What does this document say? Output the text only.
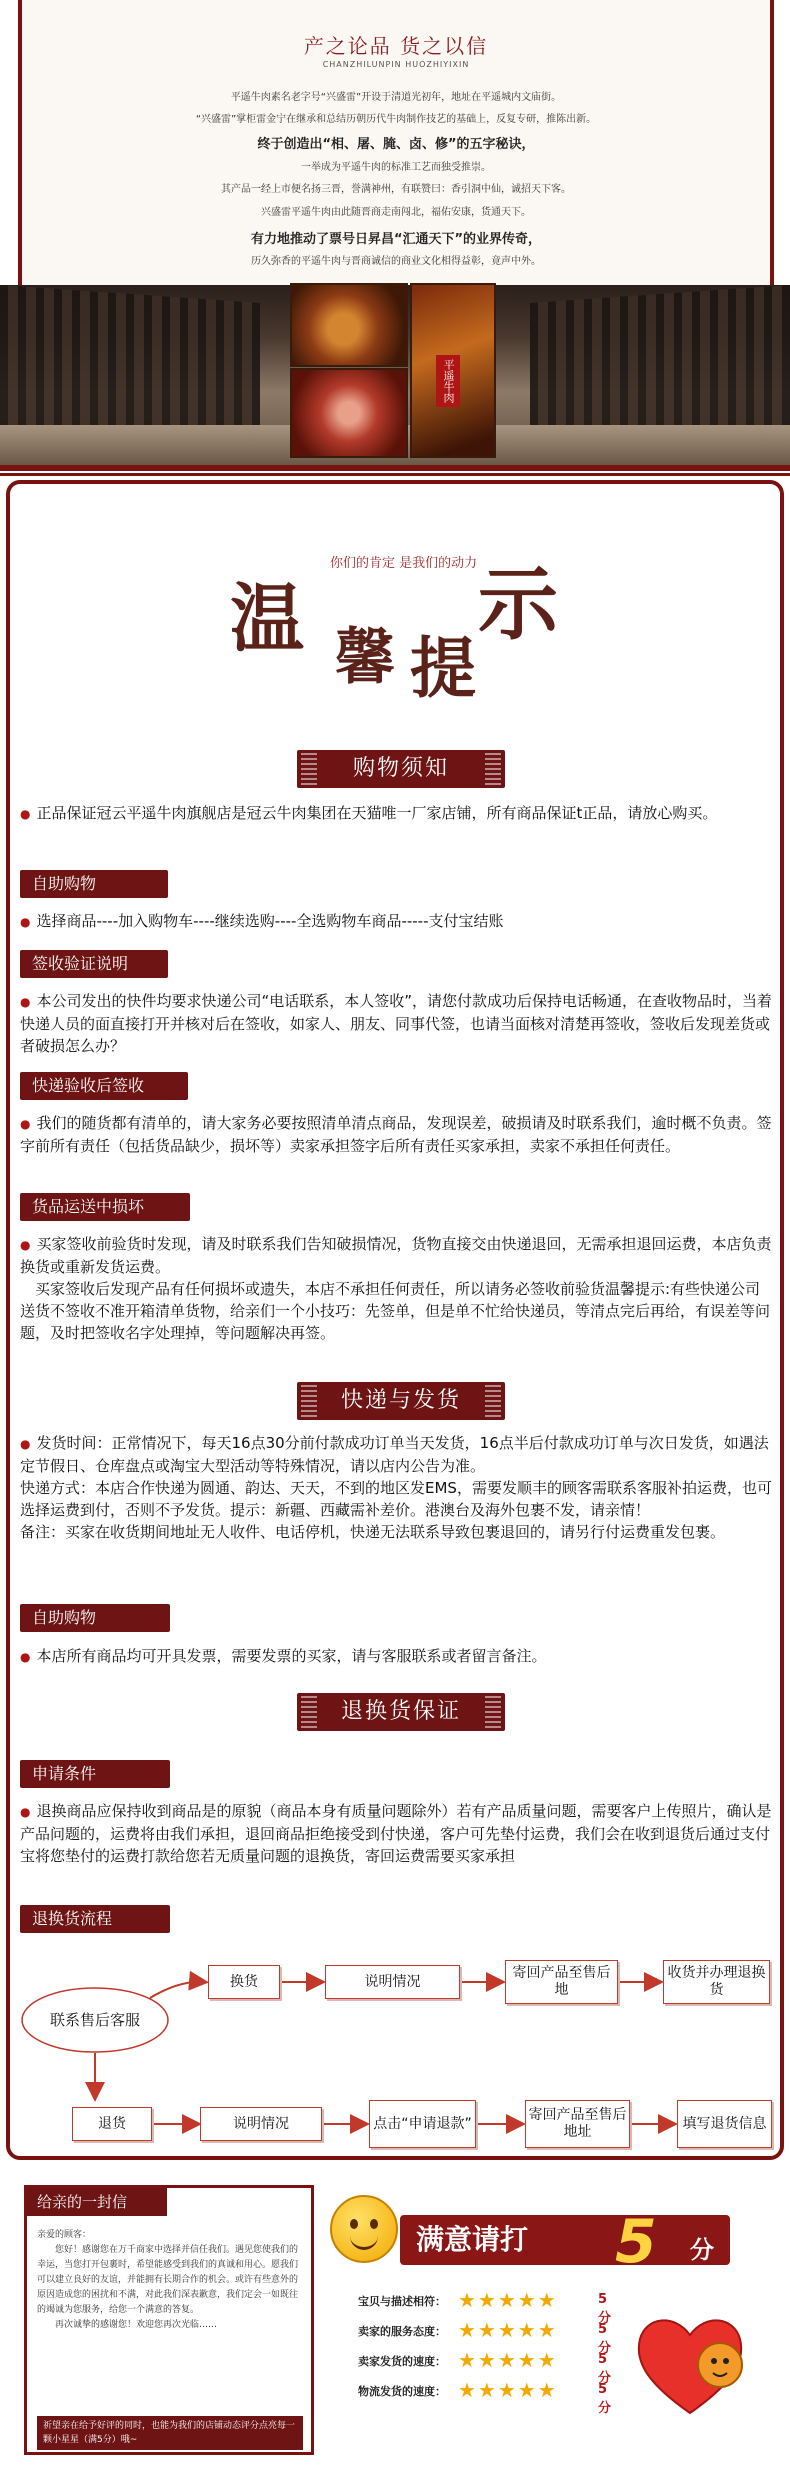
产之论品 货之以信
CHANZHILUNPIN HUOZHIYIXIN
平遥牛肉素名老字号“兴盛雷”开设于清道光初年，地址在平遥城内文庙街。
“兴盛雷”掌柜雷金宁在继承和总结历朝历代牛肉制作技艺的基础上，反复专研，推陈出新。
终于创造出“相、屠、腌、卤、修”的五字秘诀，
一举成为平遥牛肉的标准工艺而独受推崇。
其产品一经上市便名扬三晋，誉满神州，有联赞曰：香引洞中仙，诚招天下客。
兴盛雷平遥牛肉由此随晋商走南闯北，福佑安康，货通天下。
有力地推动了票号日昇昌“汇通天下”的业界传奇，
历久弥香的平遥牛肉与晋商诚信的商业文化相得益彰，竟声中外。
平遥牛肉
温 馨 提
示
你们的肯定 是我们的动力
购物须知

● 正品保证冠云平遥牛肉旗舰店是冠云牛肉集团在天猫唯一厂家店铺，所有商品保证t正品，请放心购买。

自助购物

● 选择商品----加入购物车----继续选购----全选购物车商品-----支付宝结账

签收验证说明

● 本公司发出的快件均要求快递公司“电话联系，本人签收”，请您付款成功后保持电话畅通，在查收物品时，当着快递人员的面直接打开并核对后在签收，如家人、朋友、同事代签，也请当面核对清楚再签收，签收后发现差货或者破损怎么办？

快递验收后签收

● 我们的随货都有清单的，请大家务必要按照清单清点商品，发现误差，破损请及时联系我们，逾时概不负责。签字前所有责任（包括货品缺少，损坏等）卖家承担签字后所有责任买家承担，卖家不承担任何责任。

货品运送中损坏

● 买家签收前验货时发现，请及时联系我们告知破损情况，货物直接交由快递退回，无需承担退回运费，本店负责换货或重新发货运费。

买家签收后发现产品有任何损坏或遗失，本店不承担任何责任，所以请务必签收前验货温馨提示:有些快递公司送货不签收不准开箱清单货物，给亲们一个小技巧：先签单，但是单不忙给快递员，等清点完后再给，有误差等问题，及时把签收名字处理掉，等问题解决再签。

快递与发货

● 发货时间：正常情况下，每天16点30分前付款成功订单当天发货，16点半后付款成功订单与次日发货，如遇法定节假日、仓库盘点或淘宝大型活动等特殊情况，请以店内公告为准。

快递方式：本店合作快递为圆通、韵达、天天，不到的地区发EMS，需要发顺丰的顾客需联系客服补拍运费，也可选择运费到付，否则不予发货。提示：新疆、西藏需补差价。港澳台及海外包裹不发，请亲情！

备注：买家在收货期间地址无人收件、电话停机，快递无法联系导致包裹退回的，请另行付运费重发包裹。

自助购物

● 本店所有商品均可开具发票，需要发票的买家，请与客服联系或者留言备注。

退换货保证
申请条件

● 退换商品应保持收到商品是的原貌（商品本身有质量问题除外）若有产品质量问题，需要客户上传照片，确认是产品问题的，运费将由我们承担，退回商品拒绝接受到付快递，客户可先垫付运费，我们会在收到退货后通过支付宝将您垫付的运费打款给您若无质量问题的退换货，寄回运费需要买家承担

退换货流程
联系售后客服
换货	说明情况
寄回产品至售后地
收货并办理退换货
退货	说明情况	点击“申请退款”
寄回产品至售后地址
填写退货信息
给亲的一封信
亲爱的顾客：
您好！感谢您在万千商家中选择并信任我们。遇见您使我们的幸运，当您打开包裹时，希望能感受到我们的真诚和用心。愿我们可以建立良好的友谊，并能拥有长期合作的机会。或许有些意外的原因造成您的困扰和不满，对此我们深表歉意，我们定会一如既往的竭诚为您服务，给您一个满意的答复。
再次诚挚的感谢您！欢迎您再次光临……
祈望亲在给予好评的同时，也能为我们的店铺动态评分点亮每一颗小星星（满5分）哦~
满意请打 5 分哦！
宝贝与描述相符： ★★★★★	5分
卖家的服务态度： ★★★★★	5分
卖家发货的速度： ★★★★★	5分
物流发货的速度： ★★★★★	5分
